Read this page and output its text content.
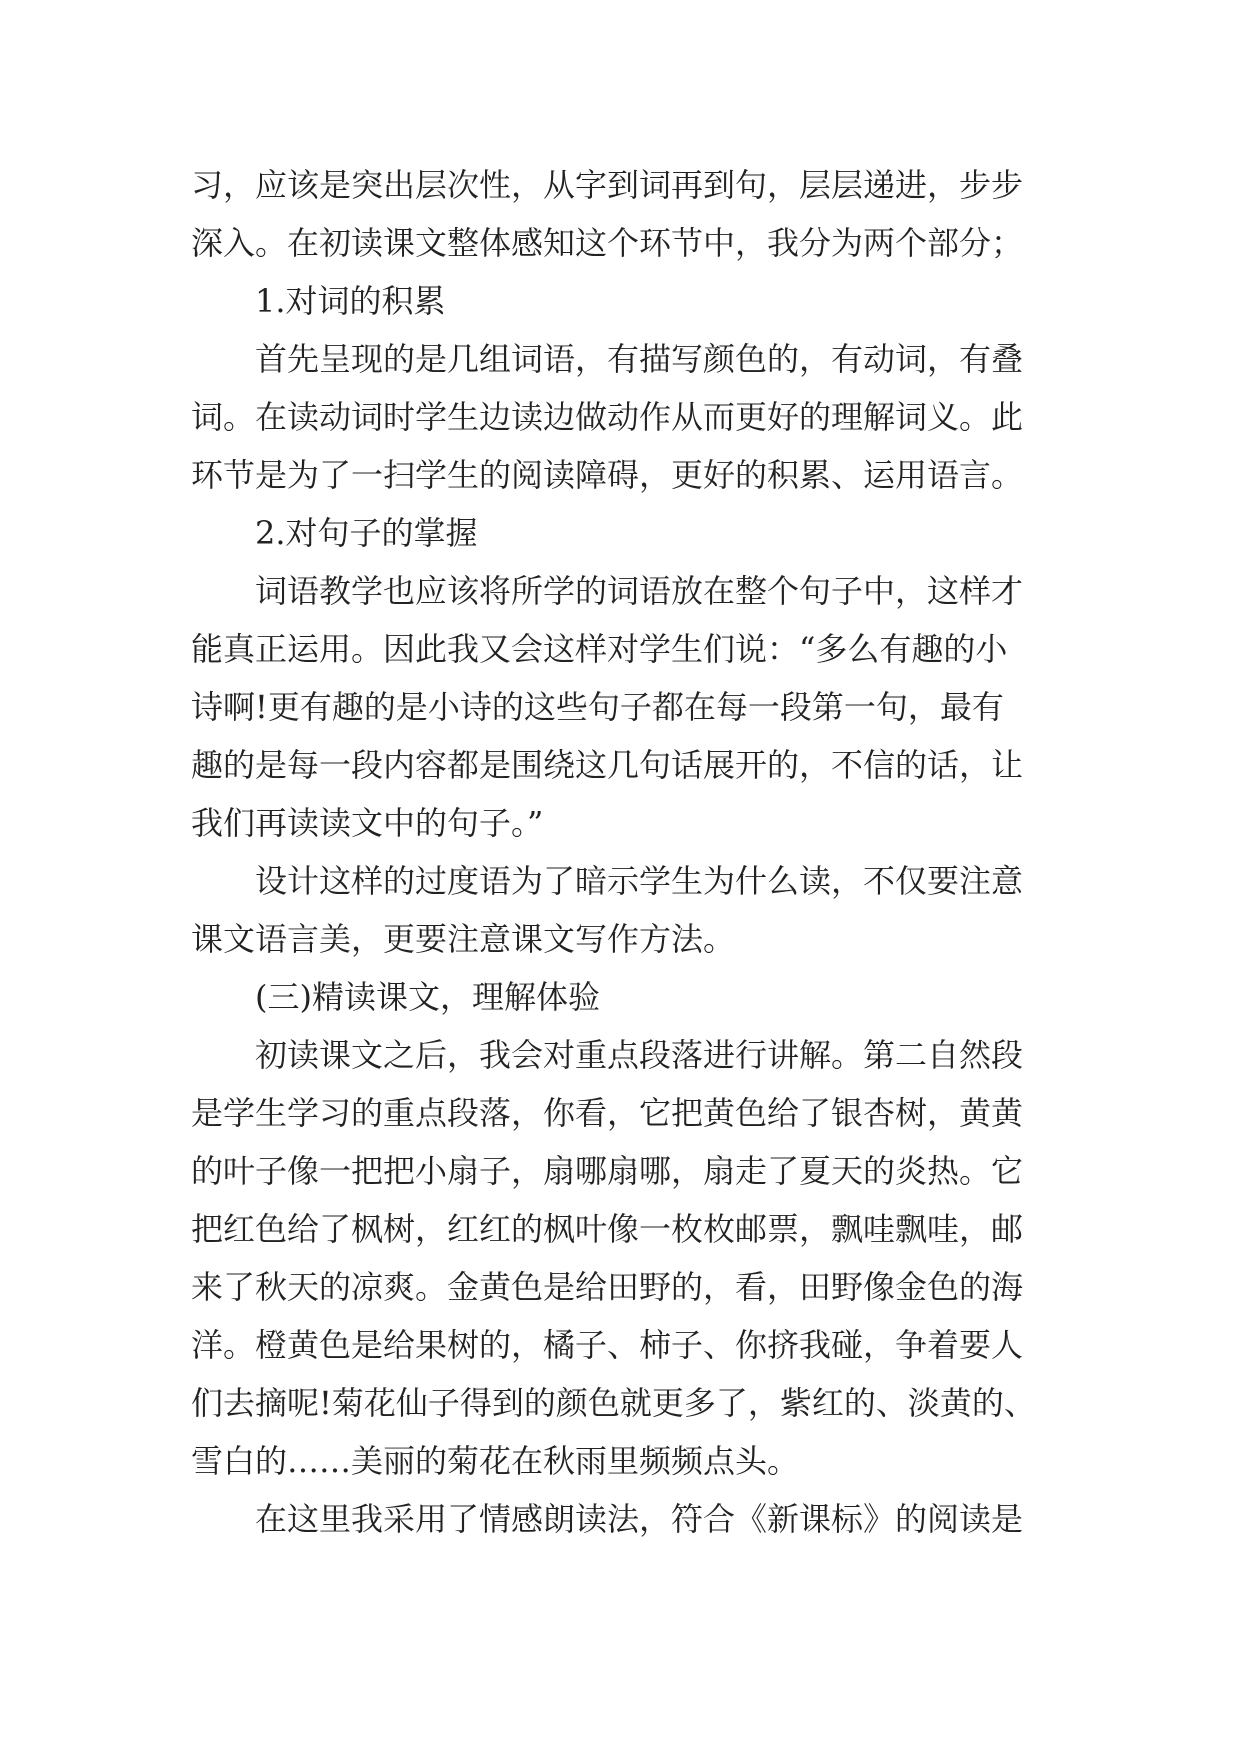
习，应该是突出层次性，从字到词再到句，层层递进，步步

深入。在初读课文整体感知这个环节中，我分为两个部分；

1.对词的积累

首先呈现的是几组词语，有描写颜色的，有动词，有叠

词。在读动词时学生边读边做动作从而更好的理解词义。此

环节是为了一扫学生的阅读障碍，更好的积累、运用语言。

2.对句子的掌握

词语教学也应该将所学的词语放在整个句子中，这样才

能真正运用。因此我又会这样对学生们说：“多么有趣的小

诗啊!更有趣的是小诗的这些句子都在每一段第一句，最有

趣的是每一段内容都是围绕这几句话展开的，不信的话，让

我们再读读文中的句子。”

设计这样的过度语为了暗示学生为什么读，不仅要注意

课文语言美，更要注意课文写作方法。

(三)精读课文，理解体验

初读课文之后，我会对重点段落进行讲解。第二自然段

是学生学习的重点段落，你看，它把黄色给了银杏树，黄黄

的叶子像一把把小扇子，扇哪扇哪，扇走了夏天的炎热。它

把红色给了枫树，红红的枫叶像一枚枚邮票，飘哇飘哇，邮

来了秋天的凉爽。金黄色是给田野的，看，田野像金色的海

洋。橙黄色是给果树的，橘子、柿子、你挤我碰，争着要人

们去摘呢!菊花仙子得到的颜色就更多了，紫红的、淡黄的、

雪白的……美丽的菊花在秋雨里频频点头。

在这里我采用了情感朗读法，符合《新课标》的阅读是
